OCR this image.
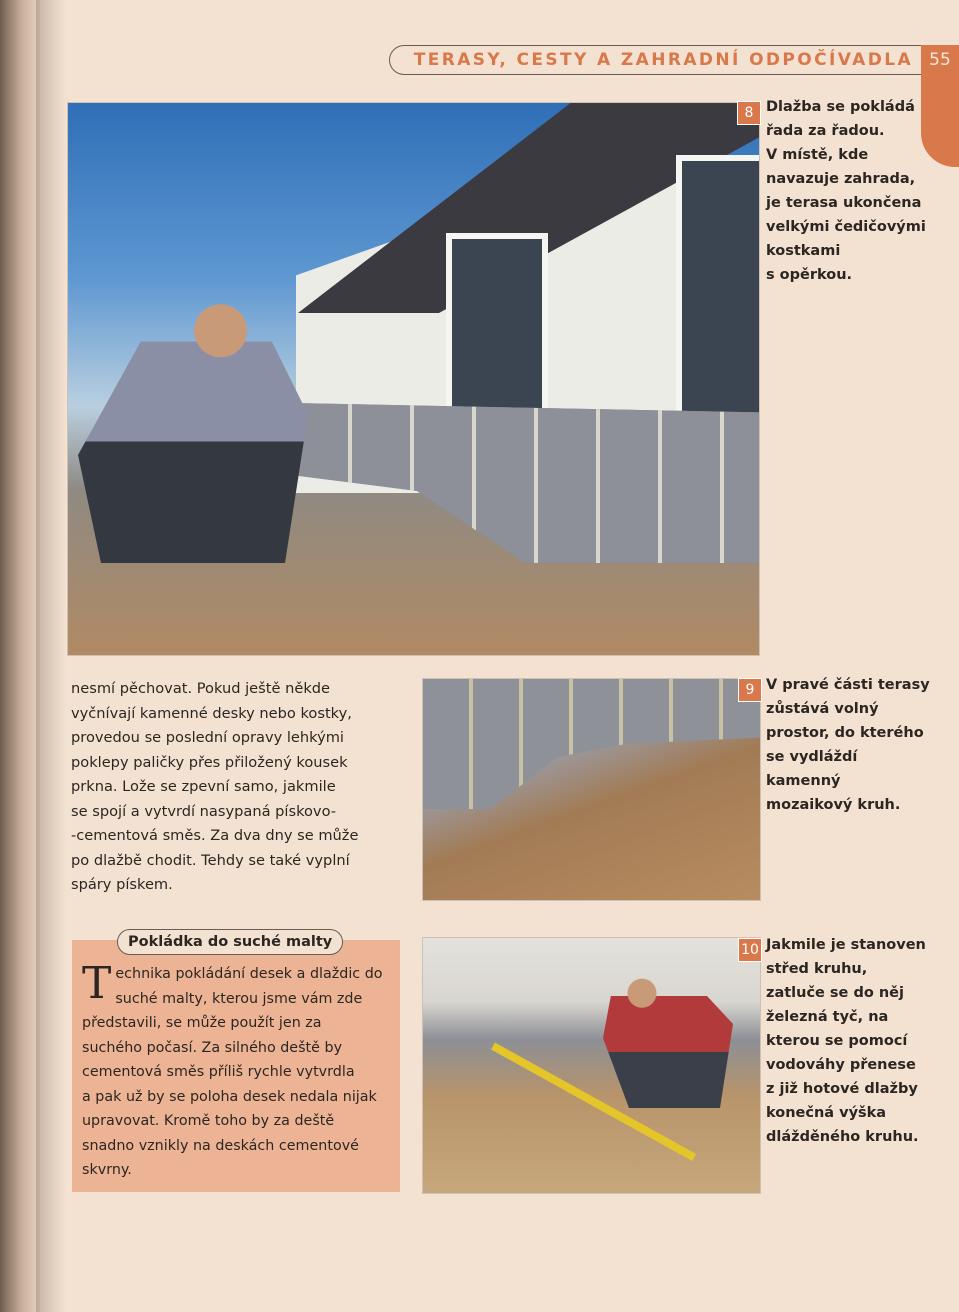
TERASY, CESTY A ZAHRADNÍ ODPOČÍVADLA 55
8 Dlažba se pokládá
řada za řadou.
V místě, kde
navazuje zahrada,
je terasa ukončena
velkými čedičovými
kostkami
s opěrkou.
nesmí pěchovat. Pokud ještě někde
vyčnívají kamenné desky nebo kostky,
provedou se poslední opravy lehkými
poklepy paličky přes přiložený kousek
prkna. Lože se zpevní samo, jakmile
se spojí a vytvrdí nasypaná pískovo-
-cementová směs. Za dva dny se může
po dlažbě chodit. Tehdy se také vyplní
spáry pískem.
9 V pravé části terasy
zůstává volný
prostor, do kterého
se vydláždí
kamenný
mozaikový kruh.
Pokládka do suché malty
Technika pokládání desek a dlaždic do
suché malty, kterou jsme vám zde
představili, se může použít jen za
suchého počasí. Za silného deště by
cementová směs příliš rychle vytvrdla
a pak už by se poloha desek nedala nijak
upravovat. Kromě toho by za deště
snadno vznikly na deskách cementové
skvrny.
10 Jakmile je stanoven
střed kruhu,
zatluče se do něj
železná tyč, na
kterou se pomocí
vodováhy přenese
z již hotové dlažby
konečná výška
dlážděného kruhu.
